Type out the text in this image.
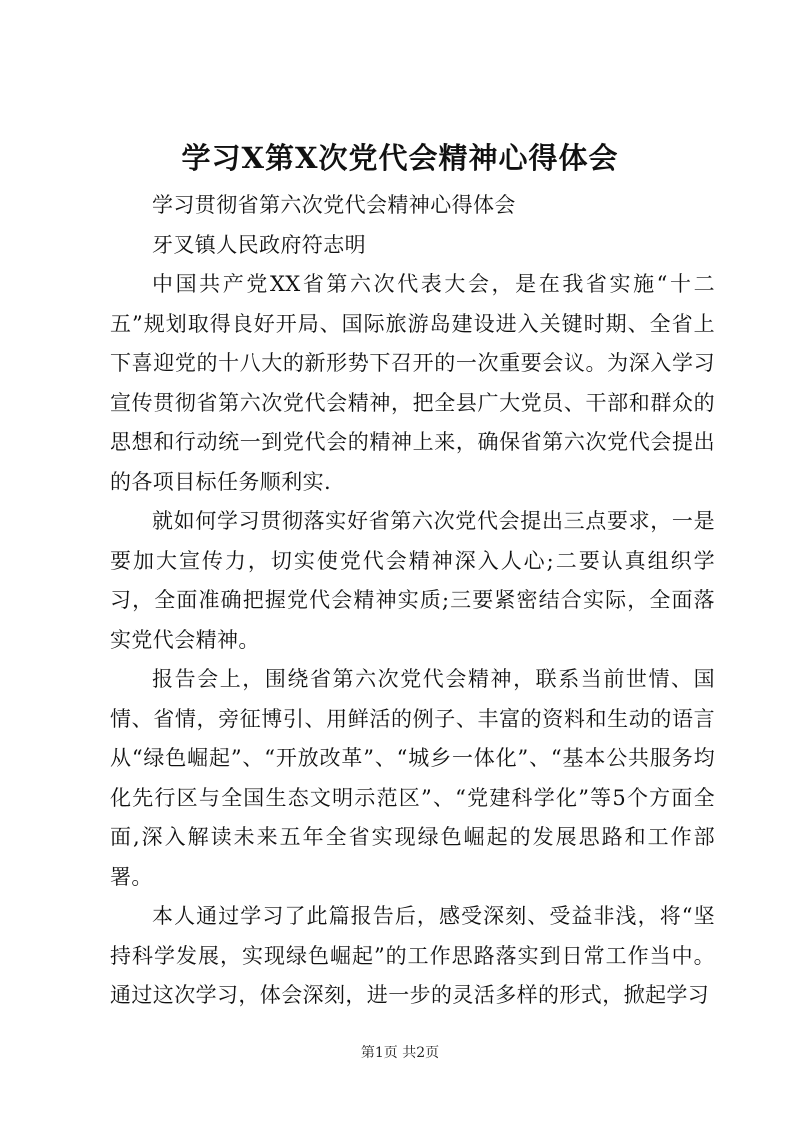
学习X第X次党代会精神心得体会

学习贯彻省第六次党代会精神心得体会

牙叉镇人民政府符志明

中国共产党XX省第六次代表大会，是在我省实施“十二五”规划取得良好开局、国际旅游岛建设进入关键时期、全省上下喜迎党的十八大的新形势下召开的一次重要会议。为深入学习宣传贯彻省第六次党代会精神，把全县广大党员、干部和群众的思想和行动统一到党代会的精神上来，确保省第六次党代会提出的各项目标任务顺利实.

就如何学习贯彻落实好省第六次党代会提出三点要求，一是要加大宣传力，切实使党代会精神深入人心;二要认真组织学习，全面准确把握党代会精神实质;三要紧密结合实际，全面落实党代会精神。

报告会上，围绕省第六次党代会精神，联系当前世情、国情、省情，旁征博引、用鲜活的例子、丰富的资料和生动的语言从“绿色崛起”、“开放改革”、“城乡一体化”、“基本公共服务均化先行区与全国生态文明示范区”、“党建科学化”等5个方面全面,深入解读未来五年全省实现绿色崛起的发展思路和工作部署。

本人通过学习了此篇报告后，感受深刻、受益非浅，将“坚持科学发展，实现绿色崛起”的工作思路落实到日常工作当中。通过这次学习，体会深刻，进一步的灵活多样的形式，掀起学习

第1页 共2页
